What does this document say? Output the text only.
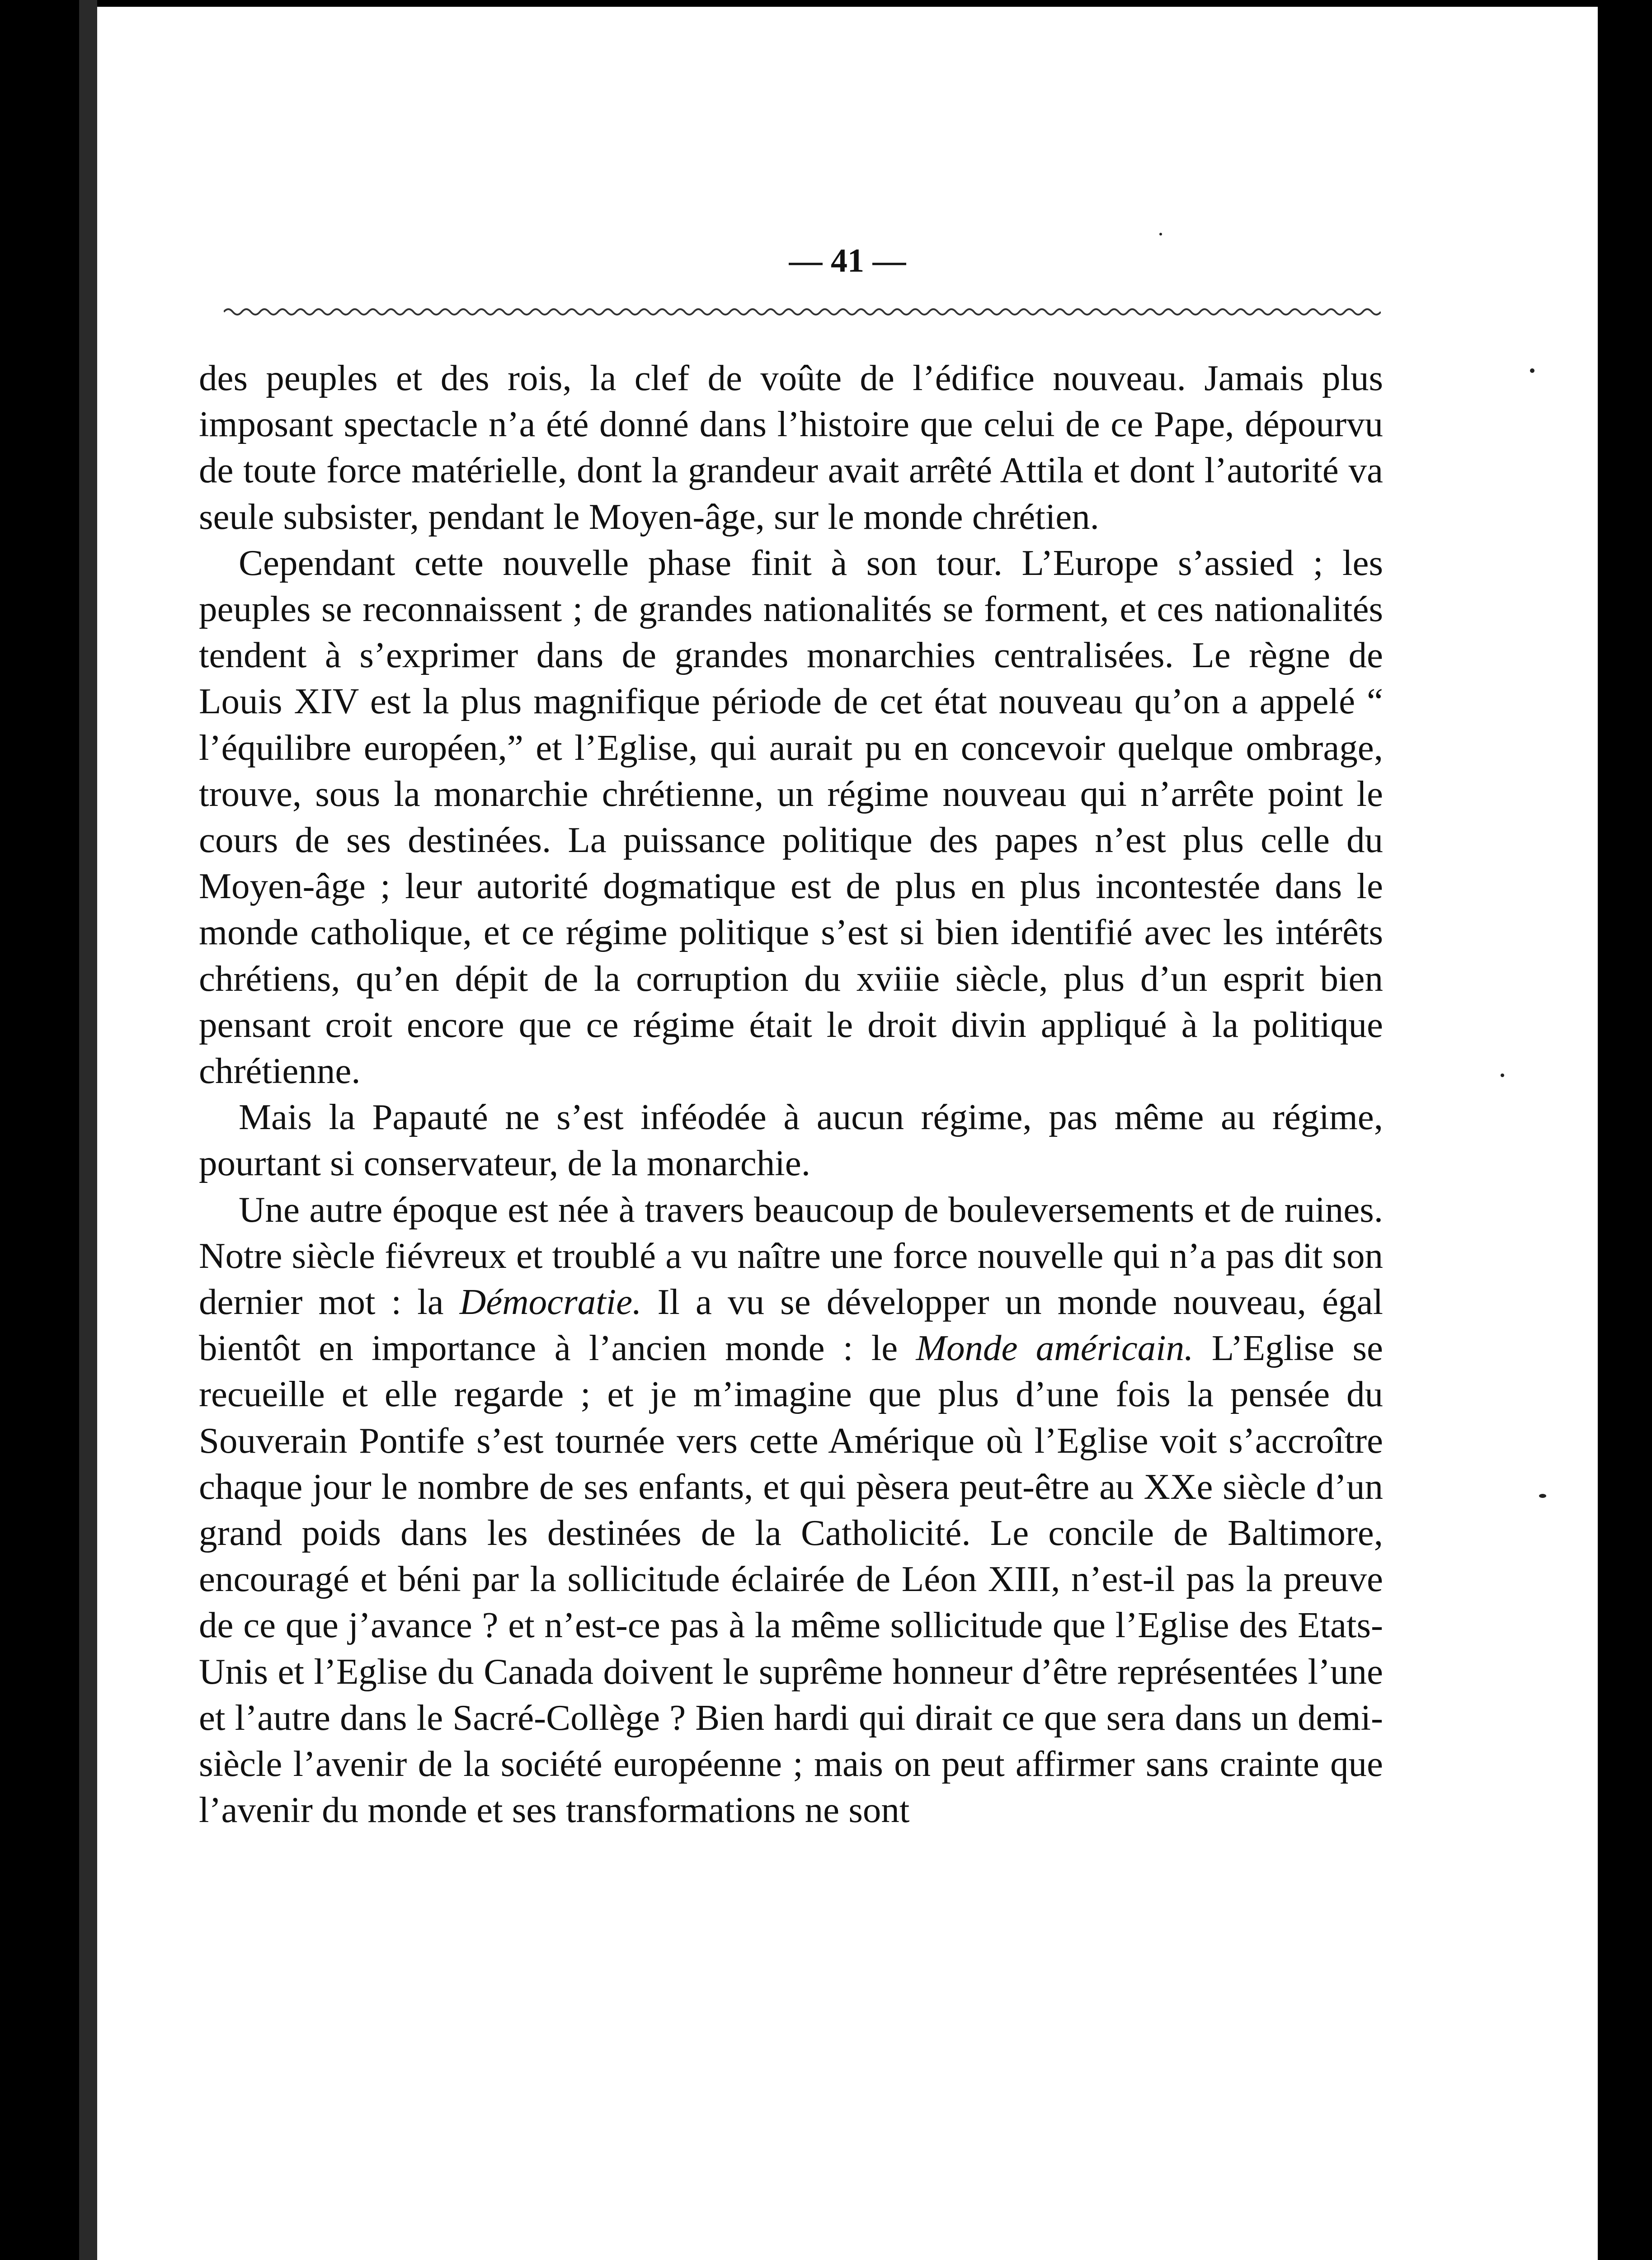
— 41 —

des peuples et des rois, la clef de voûte de l’édifice nouveau. Jamais plus imposant spectacle n’a été donné dans l’histoire que celui de ce Pape, dépourvu de toute force matérielle, dont la grandeur avait arrêté Attila et dont l’autorité va seule subsister, pendant le Moyen-âge, sur le monde chrétien.

Cependant cette nouvelle phase finit à son tour. L’Europe s’assied ; les peuples se reconnaissent ; de grandes nationalités se forment, et ces nationalités tendent à s’exprimer dans de grandes monarchies centralisées. Le règne de Louis XIV est la plus magnifique période de cet état nouveau qu’on a appelé “ l’équilibre européen,” et l’Eglise, qui aurait pu en concevoir quelque ombrage, trouve, sous la monarchie chrétienne, un régime nouveau qui n’arrête point le cours de ses destinées. La puissance politique des papes n’est plus celle du Moyen-âge ; leur autorité dogmatique est de plus en plus incontestée dans le monde catholique, et ce régime politique s’est si bien identifié avec les intérêts chrétiens, qu’en dépit de la corruption du xviiie siècle, plus d’un esprit bien pensant croit encore que ce régime était le droit divin appliqué à la politique chrétienne.

Mais la Papauté ne s’est inféodée à aucun régime, pas même au régime, pourtant si conservateur, de la monarchie.

Une autre époque est née à travers beaucoup de bouleversements et de ruines. Notre siècle fiévreux et troublé a vu naître une force nouvelle qui n’a pas dit son dernier mot : la Démocratie. Il a vu se développer un monde nouveau, égal bientôt en importance à l’ancien monde : le Monde américain. L’Eglise se recueille et elle regarde ; et je m’imagine que plus d’une fois la pensée du Souverain Pontife s’est tournée vers cette Amérique où l’Eglise voit s’accroître chaque jour le nombre de ses enfants, et qui pèsera peut-être au XXe siècle d’un grand poids dans les destinées de la Catholicité. Le concile de Baltimore, encouragé et béni par la sollicitude éclairée de Léon XIII, n’est-il pas la preuve de ce que j’avance ? et n’est-ce pas à la même sollicitude que l’Eglise des Etats-Unis et l’Eglise du Canada doivent le suprême honneur d’être représentées l’une et l’autre dans le Sacré-Collège ? Bien hardi qui dirait ce que sera dans un demi-siècle l’avenir de la société européenne ; mais on peut affirmer sans crainte que l’avenir du monde et ses transformations ne sont
